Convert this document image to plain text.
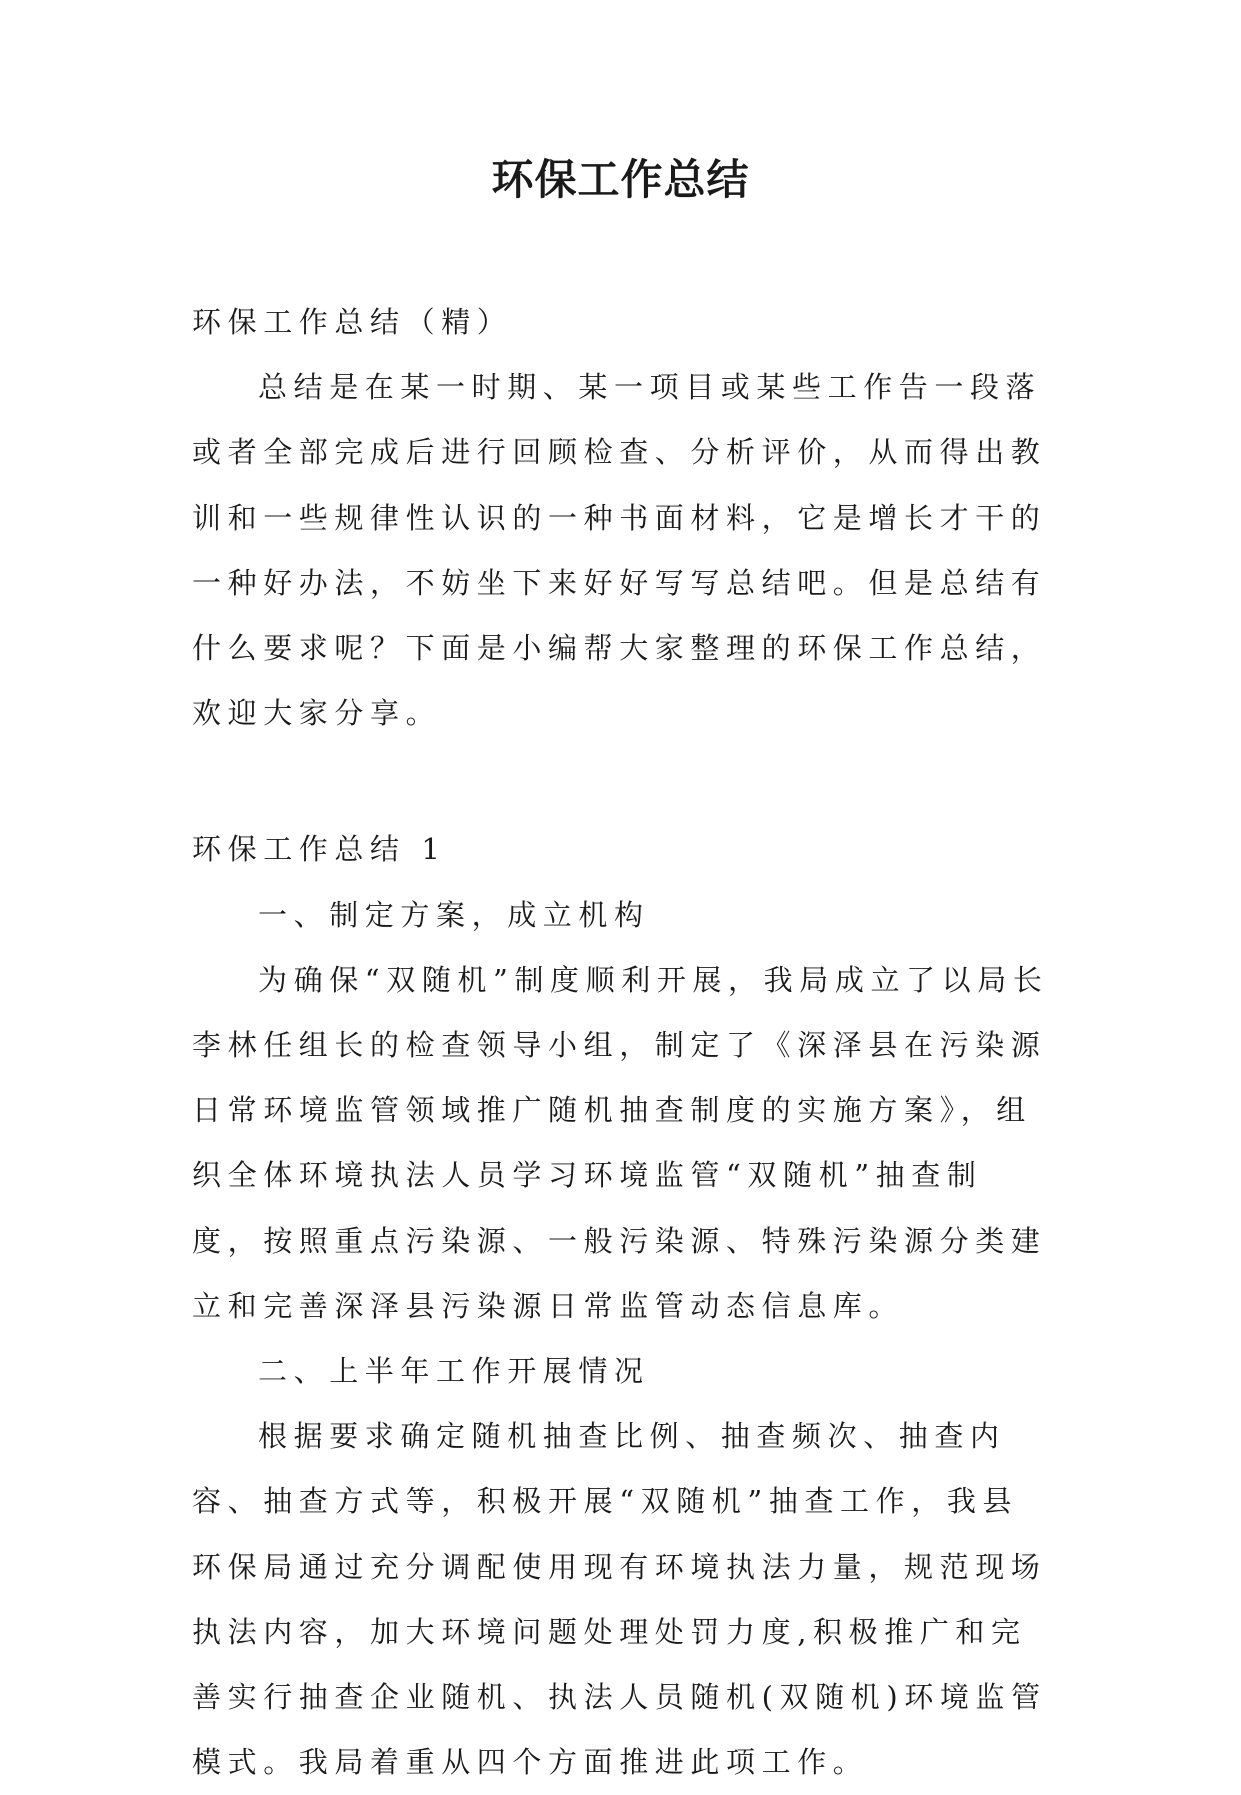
环保工作总结

环保工作总结（精）

总结是在某一时期、某一项目或某些工作告一段落或者全部完成后进行回顾检查、分析评价，从而得出教训和一些规律性认识的一种书面材料，它是增长才干的一种好办法，不妨坐下来好好写写总结吧。但是总结有什么要求呢？下面是小编帮大家整理的环保工作总结，欢迎大家分享。

环保工作总结 1

一、制定方案，成立机构

为确保“双随机”制度顺利开展，我局成立了以局长李林任组长的检查领导小组，制定了《深泽县在污染源日常环境监管领域推广随机抽查制度的实施方案》，组织全体环境执法人员学习环境监管“双随机”抽查制度，按照重点污染源、一般污染源、特殊污染源分类建立和完善深泽县污染源日常监管动态信息库。

二、上半年工作开展情况

根据要求确定随机抽查比例、抽查频次、抽查内容、抽查方式等，积极开展“双随机”抽查工作，我县环保局通过充分调配使用现有环境执法力量，规范现场执法内容，加大环境问题处理处罚力度,积极推广和完善实行抽查企业随机、执法人员随机(双随机)环境监管模式。我局着重从四个方面推进此项工作。
